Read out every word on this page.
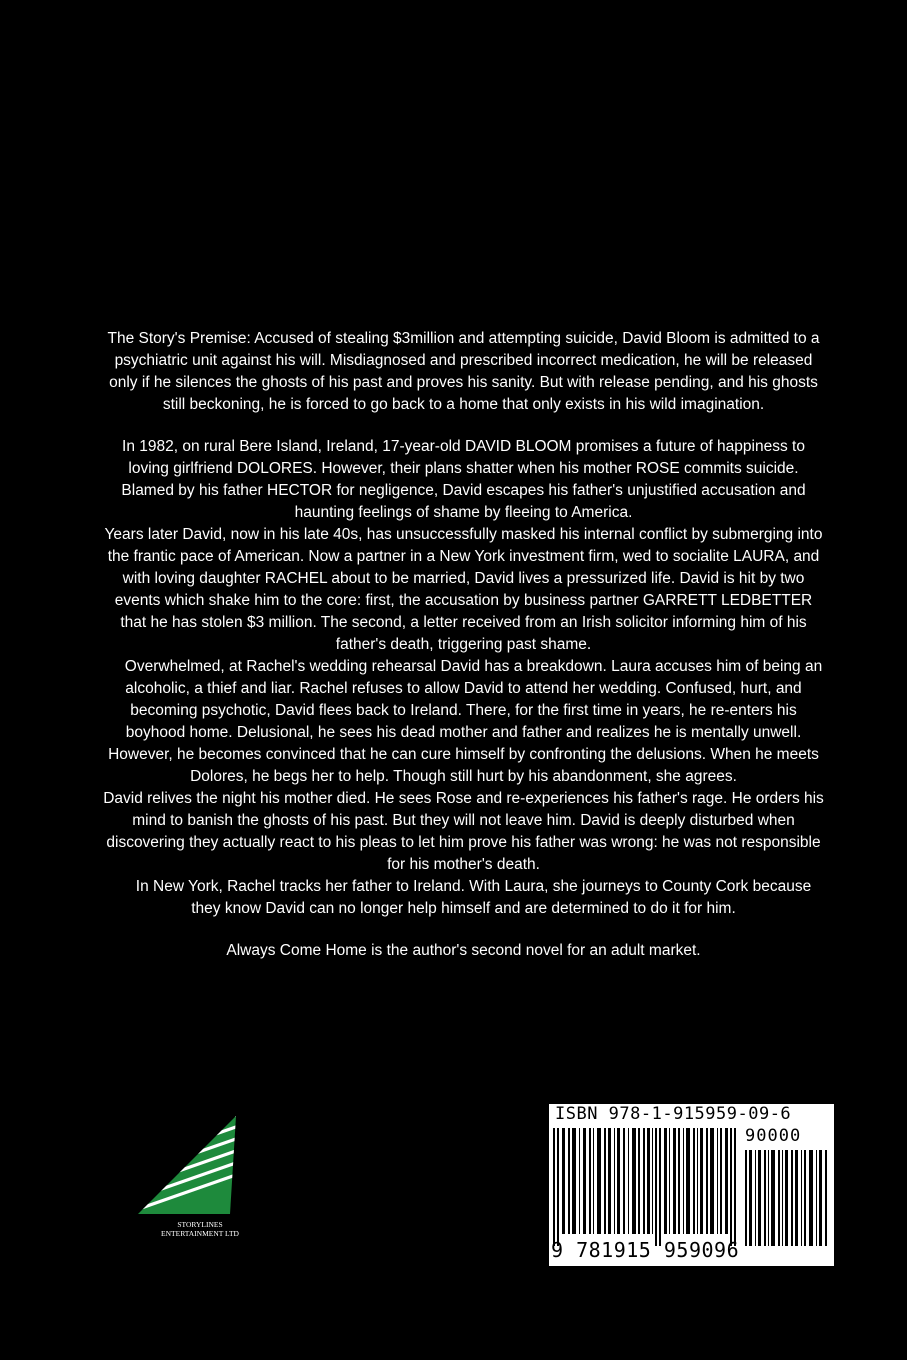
The Story's Premise: Accused of stealing $3million and attempting suicide, David Bloom is admitted to a psychiatric unit against his will. Misdiagnosed and prescribed incorrect medication, he will be released only if he silences the ghosts of his past and proves his sanity. But with release pending, and his ghosts still beckoning, he is forced to go back to a home that only exists in his wild imagination.

In 1982, on rural Bere Island, Ireland, 17-year-old DAVID BLOOM promises a future of happiness to loving girlfriend DOLORES. However, their plans shatter when his mother ROSE commits suicide. Blamed by his father HECTOR for negligence, David escapes his father's unjustified accusation and haunting feelings of shame by fleeing to America.

Years later David, now in his late 40s, has unsuccessfully masked his internal conflict by submerging into the frantic pace of American. Now a partner in a New York investment firm, wed to socialite LAURA, and with loving daughter RACHEL about to be married, David lives a pressurized life. David is hit by two events which shake him to the core: first, the accusation by business partner GARRETT LEDBETTER that he has stolen $3 million. The second, a letter received from an Irish solicitor informing him of his father's death, triggering past shame.

Overwhelmed, at Rachel's wedding rehearsal David has a breakdown. Laura accuses him of being an alcoholic, a thief and liar. Rachel refuses to allow David to attend her wedding. Confused, hurt, and becoming psychotic, David flees back to Ireland. There, for the first time in years, he re-enters his boyhood home. Delusional, he sees his dead mother and father and realizes he is mentally unwell. However, he becomes convinced that he can cure himself by confronting the delusions. When he meets Dolores, he begs her to help. Though still hurt by his abandonment, she agrees.

David relives the night his mother died. He sees Rose and re-experiences his father's rage. He orders his mind to banish the ghosts of his past. But they will not leave him. David is deeply disturbed when discovering they actually react to his pleas to let him prove his father was wrong: he was not responsible for his mother's death.

In New York, Rachel tracks her father to Ireland. With Laura, she journeys to County Cork because they know David can no longer help himself and are determined to do it for him.

Always Come Home is the author's second novel for an adult market.

STORYLINES
ENTERTAINMENT LTD
ISBN 978-1-915959-09-6
90000
9 781915 959096
